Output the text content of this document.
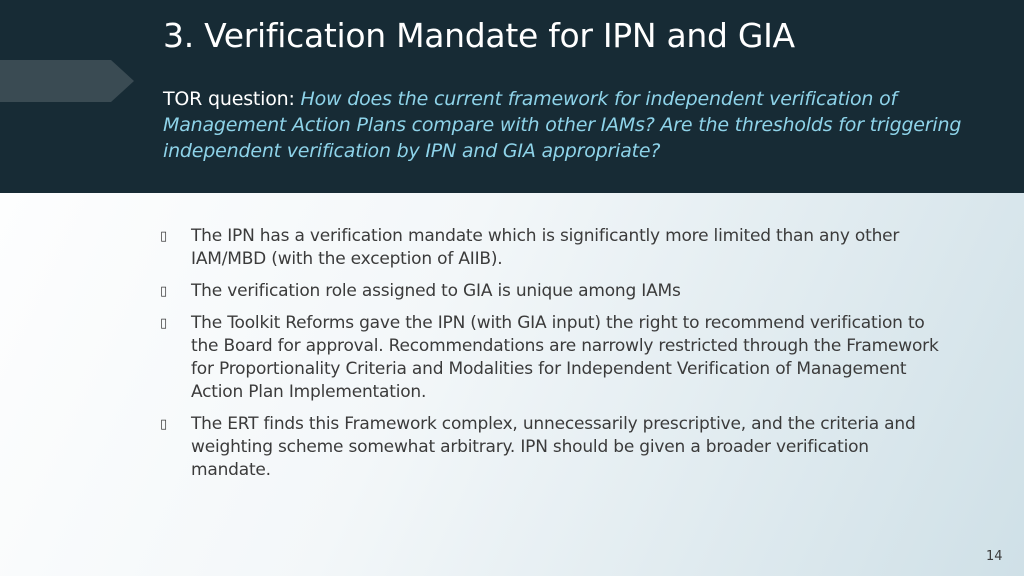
3. Verification Mandate for IPN and GIA
TOR question: How does the current framework for independent verification of Management Action Plans compare with other IAMs? Are the thresholds for triggering independent verification by IPN and GIA appropriate?
▯	The IPN has a verification mandate which is significantly more limited than any other IAM/MBD (with the exception of AIIB).
▯	The verification role assigned to GIA is unique among IAMs
▯	The Toolkit Reforms gave the IPN (with GIA input) the right to recommend verification to the Board for approval. Recommendations are narrowly restricted through the Framework for Proportionality Criteria and Modalities for Independent Verification of Management Action Plan Implementation.
▯	The ERT finds this Framework complex, unnecessarily prescriptive, and the criteria and weighting scheme somewhat arbitrary. IPN should be given a broader verification mandate.
14
